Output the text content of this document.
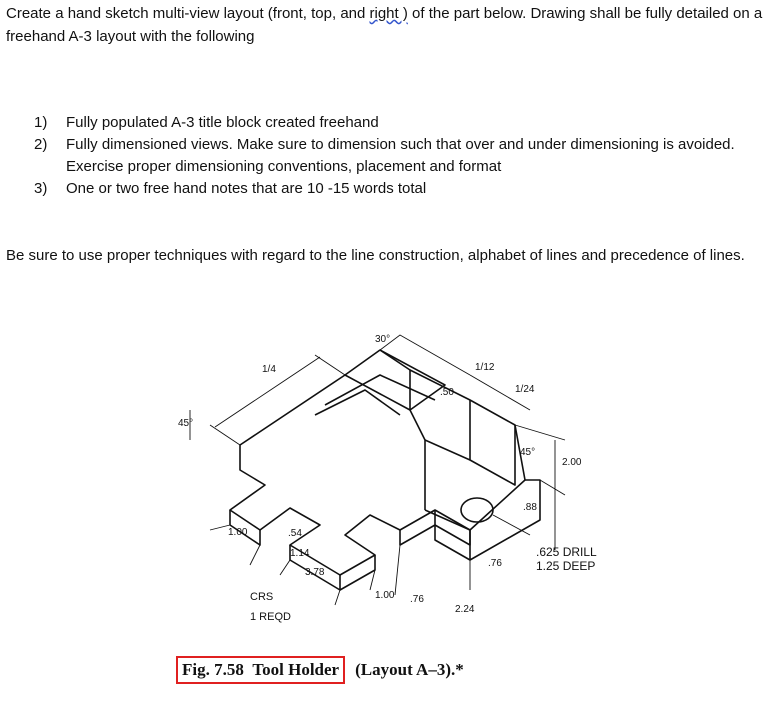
Create a hand sketch multi-view layout (front, top, and right ) of the part below. Drawing shall be fully detailed on a freehand A-3 layout with the following
1)	Fully populated A-3 title block created freehand
2)	Fully dimensioned views. Make sure to dimension such that over and under dimensioning is avoided. Exercise proper dimensioning conventions, placement and format
3)	One or two free hand notes that are 10 -15 words total
Be sure to use proper techniques with regard to the line construction, alphabet of lines and precedence of lines.
30°
45°
1/4
.50
1/12
1/24
45°
2.00
.88
1.00	.54
1.14
3.78
1.00 .76
.76
2.24
.625 DRILL
1.25 DEEP
CRS
1 REQD
Fig. 7.58 Tool Holder (Layout A–3).*
